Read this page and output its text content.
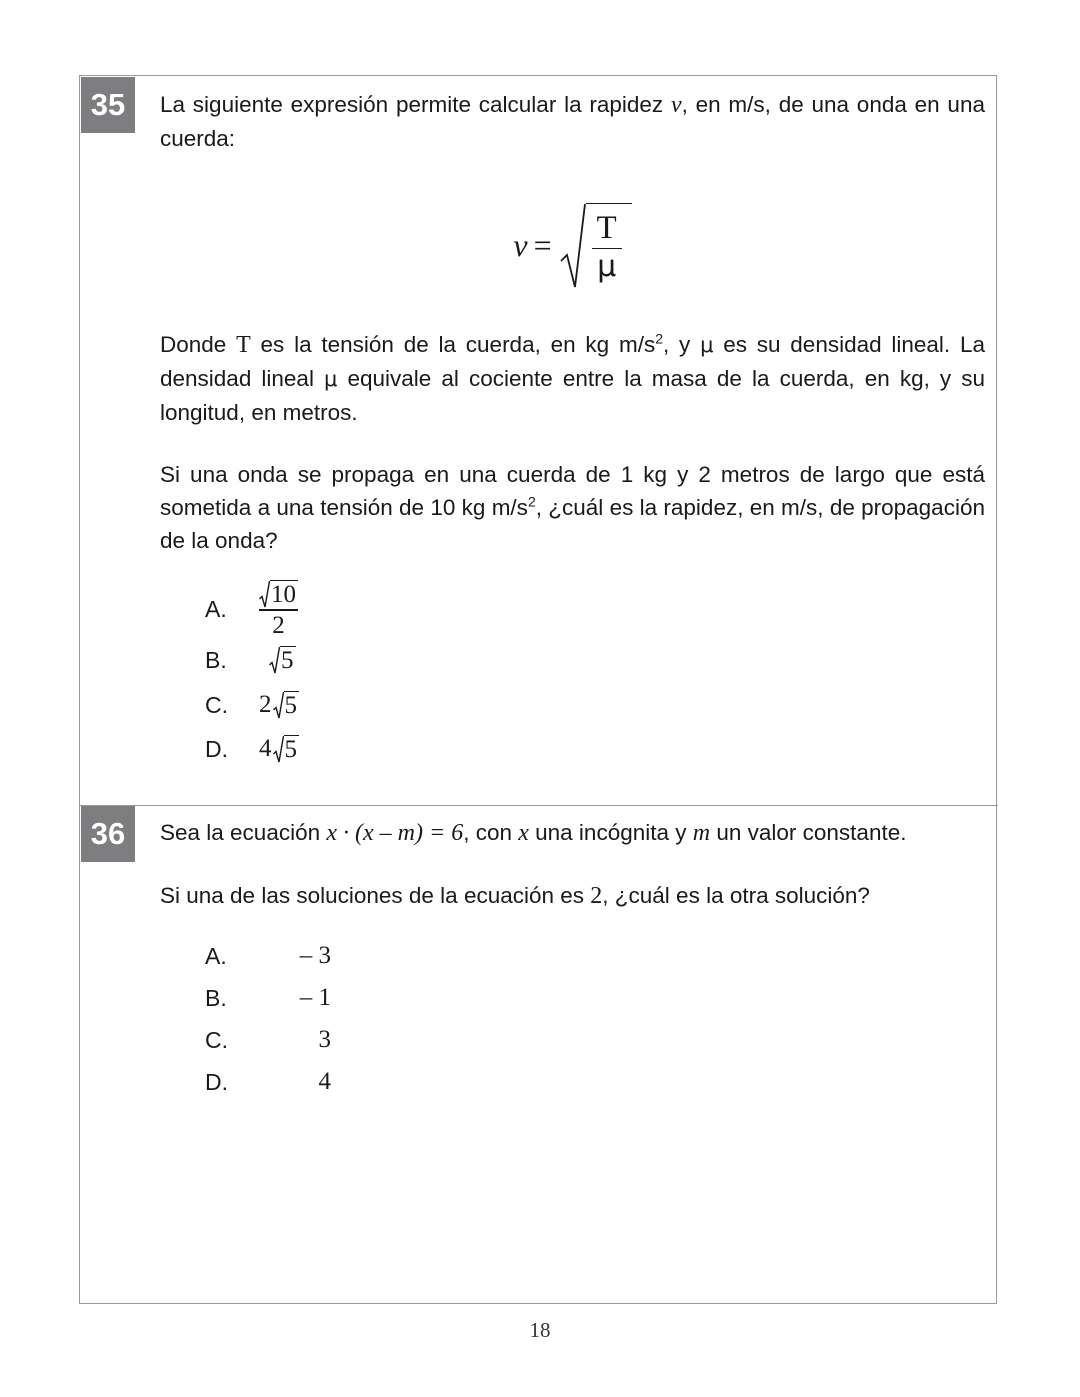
35	La siguiente expresión permite calcular la rapidez v, en m/s, de una onda en una cuerda:

$v = \frac{T}{\mu}$

Donde T es la tensión de la cuerda, en kg $m/s^2$, y μ es su densidad lineal. La densidad lineal μ equivale al cociente entre la masa de la cuerda, en kg, y su longitud, en metros.

Si una onda se propaga en una cuerda de 1 kg y 2 metros de largo que está sometida a una tensión de 10 kg $m/s^2$, ¿cuál es la rapidez, en m/s, de propagación de la onda?

A.
10
2
B.	5
C.	2 5
D.	4 5
36	Sea la ecuación x · (x – m) = 6, con x una incógnita y m un valor constante.

Si una de las soluciones de la ecuación es 2, ¿cuál es la otra solución?

A.	– 3
B.	– 1
C.	3
D.	4
18
